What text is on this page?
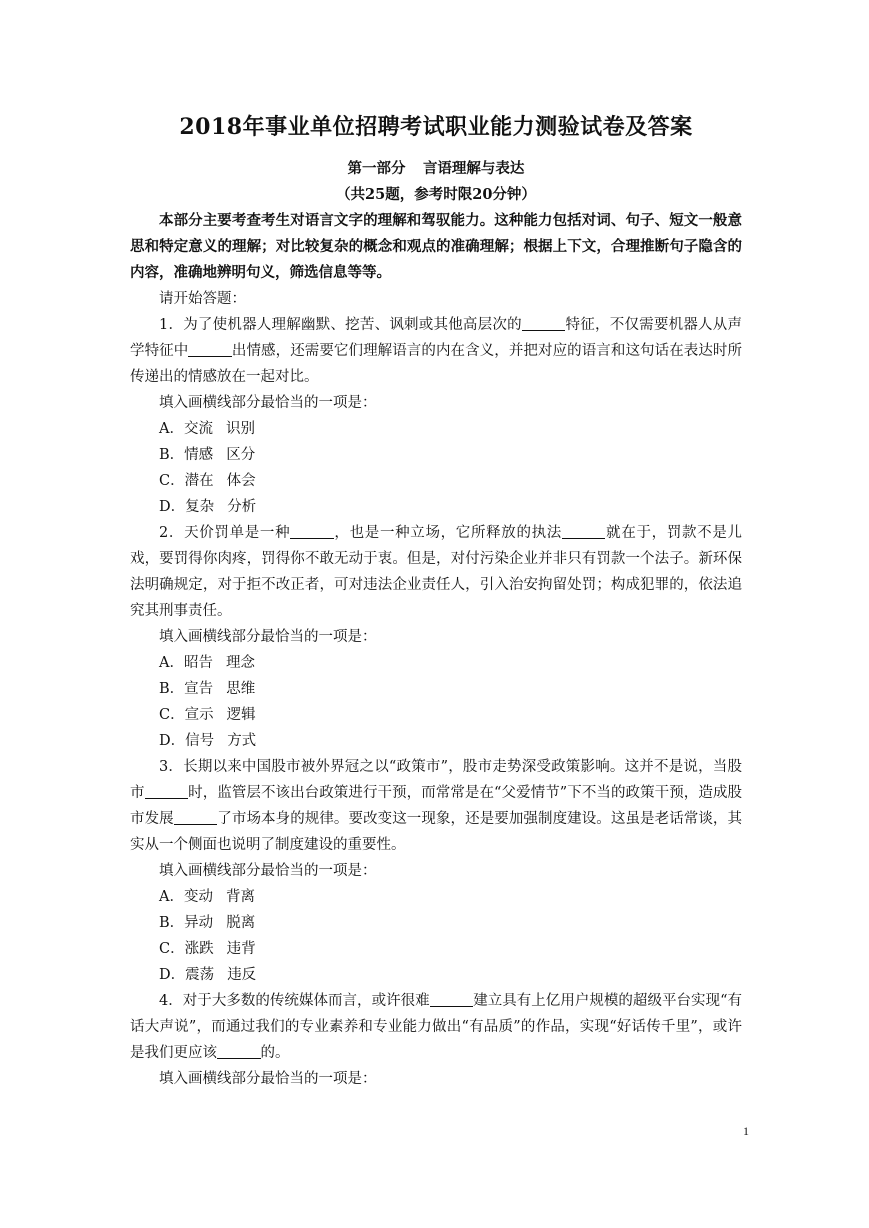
2018年事业单位招聘考试职业能力测验试卷及答案

第一部分 言语理解与表达

（共25题，参考时限20分钟）

本部分主要考查考生对语言文字的理解和驾驭能力。这种能力包括对词、句子、短文一般意思和特定意义的理解；对比较复杂的概念和观点的准确理解；根据上下文，合理推断句子隐含的内容，准确地辨明句义，筛选信息等等。

请开始答题：

1．为了使机器人理解幽默、挖苦、讽刺或其他高层次的	特征，不仅需要机器人从声学特征中	出情感，还需要它们理解语言的内在含义，并把对应的语言和这句话在表达时所传递出的情感放在一起对比。

填入画横线部分最恰当的一项是：

A．交流 识别

B．情感 区分

C．潜在 体会

D．复杂 分析

2．天价罚单是一种	，也是一种立场，它所释放的执法	就在于，罚款不是儿戏，要罚得你肉疼，罚得你不敢无动于衷。但是，对付污染企业并非只有罚款一个法子。新环保法明确规定，对于拒不改正者，可对违法企业责任人，引入治安拘留处罚；构成犯罪的，依法追究其刑事责任。

填入画横线部分最恰当的一项是：

A．昭告 理念

B．宣告 思维

C．宣示 逻辑

D．信号 方式

3．长期以来中国股市被外界冠之以“政策市”，股市走势深受政策影响。这并不是说，当股市	时，监管层不该出台政策进行干预，而常常是在“父爱情节”下不当的政策干预，造成股市发展	了市场本身的规律。要改变这一现象，还是要加强制度建设。这虽是老话常谈，其实从一个侧面也说明了制度建设的重要性。

填入画横线部分最恰当的一项是：

A．变动 背离

B．异动 脱离

C．涨跌 违背

D．震荡 违反

4．对于大多数的传统媒体而言，或许很难	建立具有上亿用户规模的超级平台实现“有话大声说”，而通过我们的专业素养和专业能力做出“有品质”的作品，实现“好话传千里”，或许是我们更应该	的。

填入画横线部分最恰当的一项是：

1
